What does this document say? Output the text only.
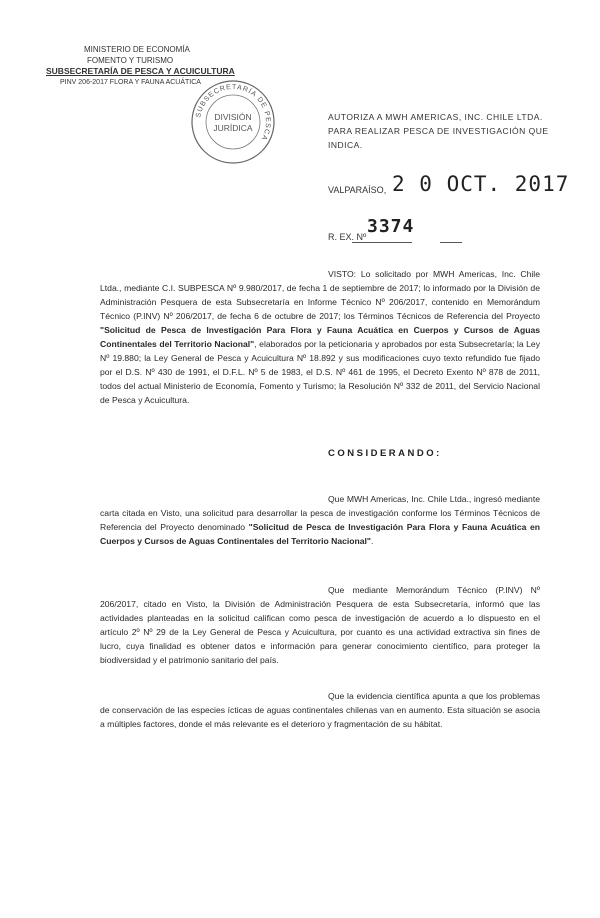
MINISTERIO DE ECONOMÍA
FOMENTO Y TURISMO
SUBSECRETARÍA DE PESCA Y ACUICULTURA
PINV 206-2017 FLORA Y FAUNA ACUÁTICA
SUBSECRETARÍA DE PESCA
DIVISIÓN
JURÍDICA
AUTORIZA A MWH AMERICAS, INC. CHILE LTDA.
PARA REALIZAR PESCA DE INVESTIGACIÓN QUE
INDICA.
VALPARAÍSO, 2 0 OCT. 2017
R. EX. Nº 3374
VISTO: Lo solicitado por MWH Americas, Inc. Chile Ltda., mediante C.I. SUBPESCA Nº 9.980/2017, de fecha 1 de septiembre de 2017; lo informado por la División de Administración Pesquera de esta Subsecretaría en Informe Técnico Nº 206/2017, contenido en Memorándum Técnico (P.INV) Nº 206/2017, de fecha 6 de octubre de 2017; los Términos Técnicos de Referencia del Proyecto "Solicitud de Pesca de Investigación Para Flora y Fauna Acuática en Cuerpos y Cursos de Aguas Continentales del Territorio Nacional", elaborados por la peticionaria y aprobados por esta Subsecretaría; la Ley Nº 19.880; la Ley General de Pesca y Acuicultura Nº 18.892 y sus modificaciones cuyo texto refundido fue fijado por el D.S. Nº 430 de 1991, el D.F.L. Nº 5 de 1983, el D.S. Nº 461 de 1995, el Decreto Exento Nº 878 de 2011, todos del actual Ministerio de Economía, Fomento y Turismo; la Resolución Nº 332 de 2011, del Servicio Nacional de Pesca y Acuicultura.
CONSIDERANDO:
Que MWH Americas, Inc. Chile Ltda., ingresó mediante carta citada en Visto, una solicitud para desarrollar la pesca de investigación conforme los Términos Técnicos de Referencia del Proyecto denominado "Solicitud de Pesca de Investigación Para Flora y Fauna Acuática en Cuerpos y Cursos de Aguas Continentales del Territorio Nacional".
Que mediante Memorándum Técnico (P.INV) Nº 206/2017, citado en Visto, la División de Administración Pesquera de esta Subsecretaría, informó que las actividades planteadas en la solicitud califican como pesca de investigación de acuerdo a lo dispuesto en el artículo 2º Nº 29 de la Ley General de Pesca y Acuicultura, por cuanto es una actividad extractiva sin fines de lucro, cuya finalidad es obtener datos e información para generar conocimiento científico, para proteger la biodiversidad y el patrimonio sanitario del país.
Que la evidencia científica apunta a que los problemas de conservación de las especies ícticas de aguas continentales chilenas van en aumento. Esta situación se asocia a múltiples factores, donde el más relevante es el deterioro y fragmentación de su hábitat.
